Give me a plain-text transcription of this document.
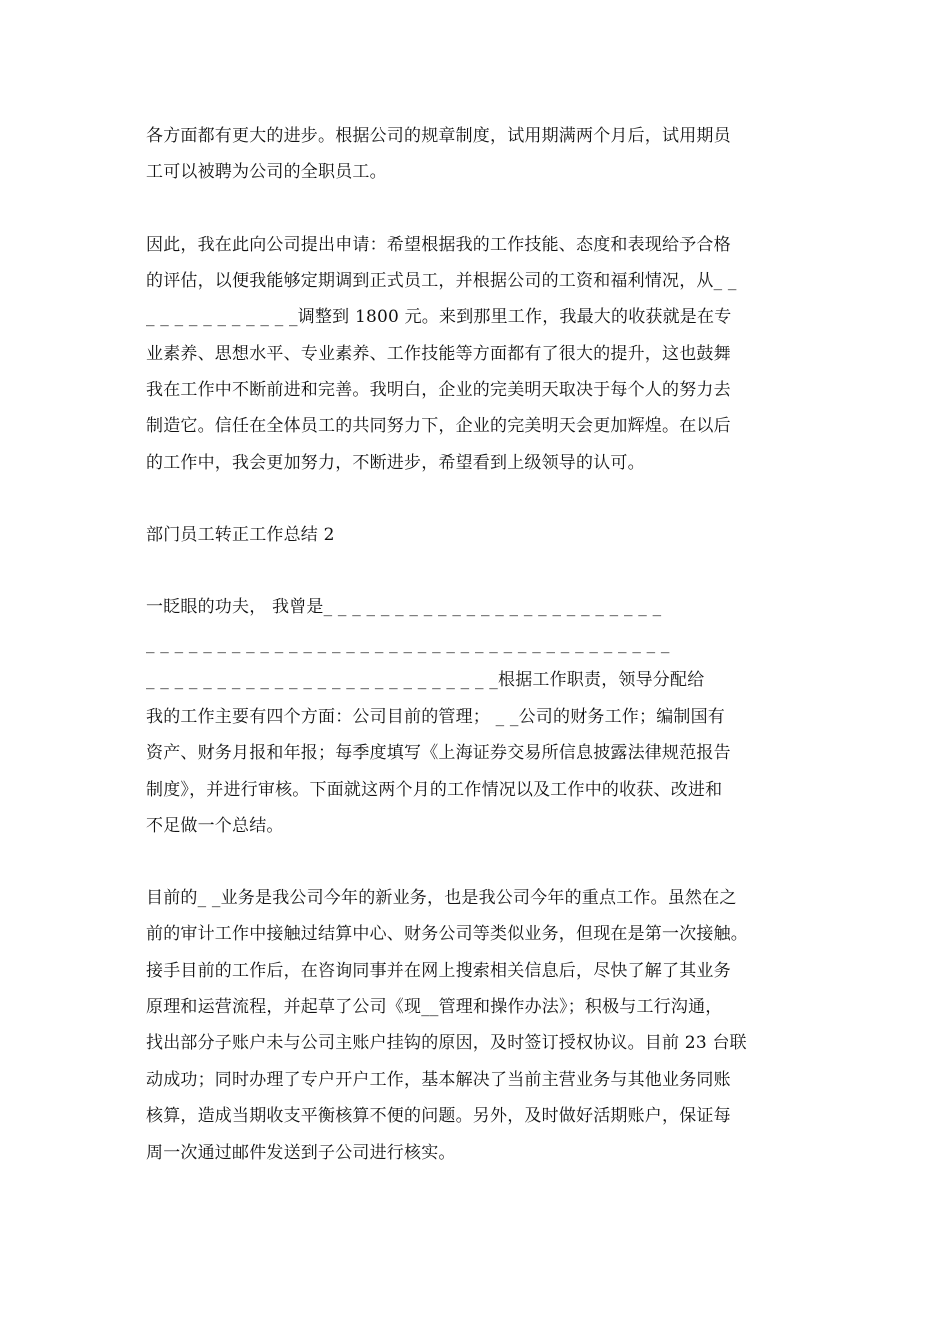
各方面都有更大的进步。根据公司的规章制度，试用期满两个月后，试用期员
工可以被聘为公司的全职员工。
因此，我在此向公司提出申请：希望根据我的工作技能、态度和表现给予合格
的评估，以便我能够定期调到正式员工，并根据公司的工资和福利情况，从_ _
_ _ _ _ _ _ _ _ _ _ _调整到 1800 元。来到那里工作，我最大的收获就是在专
业素养、思想水平、专业素养、工作技能等方面都有了很大的提升，这也鼓舞
我在工作中不断前进和完善。我明白，企业的完美明天取决于每个人的努力去
制造它。信任在全体员工的共同努力下，企业的完美明天会更加辉煌。在以后
的工作中，我会更加努力，不断进步，希望看到上级领导的认可。
部门员工转正工作总结 2
一眨眼的功夫， 我曾是_ _ _ _ _ _ _ _ _ _ _ _ _ _ _ _ _ _ _ _ _ _ _ _
_ _ _ _ _ _ _ _ _ _ _ _ _ _ _ _ _ _ _ _ _ _ _ _ _ _ _ _ _ _ _ _ _ _ _ _ _
_ _ _ _ _ _ _ _ _ _ _ _ _ _ _ _ _ _ _ _ _ _ _ _ _根据工作职责，领导分配给
我的工作主要有四个方面：公司目前的管理； _ _公司的财务工作；编制国有
资产、财务月报和年报；每季度填写《上海证券交易所信息披露法律规范报告
制度》，并进行审核。下面就这两个月的工作情况以及工作中的收获、改进和
不足做一个总结。
目前的_ _业务是我公司今年的新业务，也是我公司今年的重点工作。虽然在之
前的审计工作中接触过结算中心、财务公司等类似业务，但现在是第一次接触。
接手目前的工作后，在咨询同事并在网上搜索相关信息后，尽快了解了其业务
原理和运营流程，并起草了公司《现__管理和操作办法》；积极与工行沟通，
找出部分子账户未与公司主账户挂钩的原因，及时签订授权协议。目前 23 台联
动成功；同时办理了专户开户工作，基本解决了当前主营业务与其他业务同账
核算，造成当期收支平衡核算不便的问题。另外，及时做好活期账户，保证每
周一次通过邮件发送到子公司进行核实。
